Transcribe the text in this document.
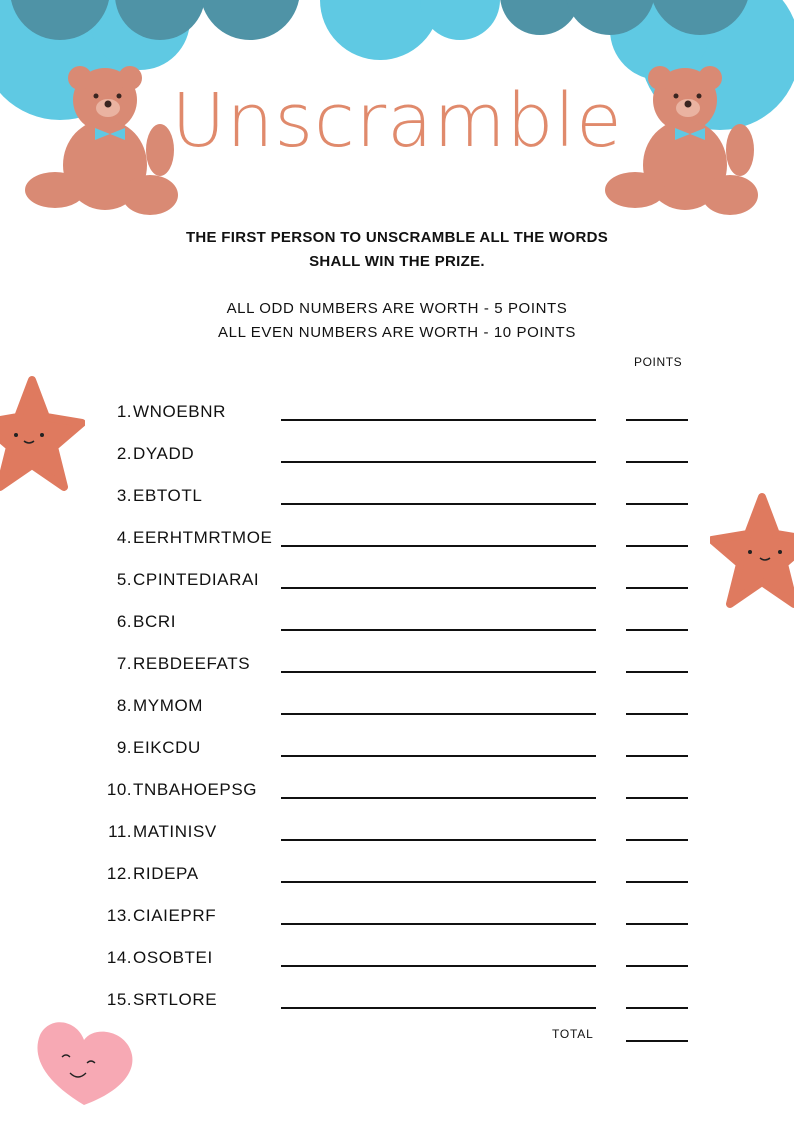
Unscramble
THE FIRST PERSON TO UNSCRAMBLE ALL THE WORDS
SHALL WIN THE PRIZE.
ALL ODD NUMBERS ARE WORTH - 5 POINTS
ALL EVEN NUMBERS ARE WORTH - 10 POINTS
POINTS
1. WNOEBNR
2. DYADD
3. EBTOTL
4. EERHTMRTMOE
5. CPINTEDIARAI
6. BCRI
7. REBDEEFATS
8. MYMOM
9. EIKCDU
10. TNBAHOEPSG
11. MATINISV
12. RIDEPA
13. CIAIEPRF
14. OSOBTEI
15. SRTLORE
TOTAL
